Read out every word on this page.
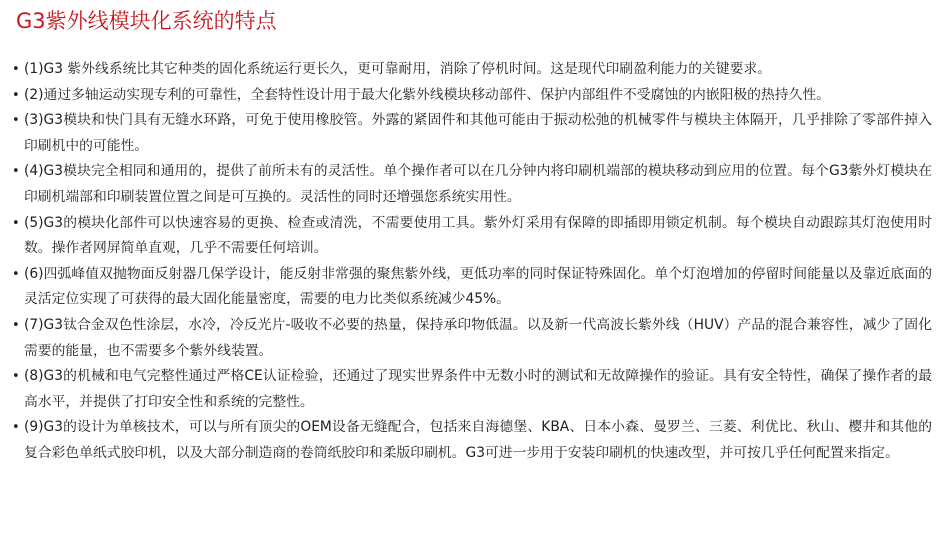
G3紫外线模块化系统的特点
• (1)G3 紫外线系统比其它种类的固化系统运行更长久，更可靠耐用，消除了停机时间。这是现代印刷盈利能力的关键要求。
• (2)通过多轴运动实现专利的可靠性，全套特性设计用于最大化紫外线模块移动部件、保护内部组件不受腐蚀的内嵌阳极的热持久性。
• (3)G3模块和快门具有无缝水环路，可免于使用橡胶管。外露的紧固件和其他可能由于振动松弛的机械零件与模块主体隔开，几乎排除了零部件掉入印刷机中的可能性。
• (4)G3模块完全相同和通用的，提供了前所未有的灵活性。单个操作者可以在几分钟内将印刷机端部的模块移动到应用的位置。每个G3紫外灯模块在印刷机端部和印刷装置位置之间是可互换的。灵活性的同时还增强您系统实用性。
• (5)G3的模块化部件可以快速容易的更换、检查或清洗，不需要使用工具。紫外灯采用有保障的即插即用锁定机制。每个模块自动跟踪其灯泡使用时数。操作者网屏简单直观，几乎不需要任何培训。
• (6)四弧峰值双抛物面反射器几保学设计，能反射非常强的聚焦紫外线，更低功率的同时保证特殊固化。单个灯泡增加的停留时间能量以及靠近底面的灵活定位实现了可获得的最大固化能量密度，需要的电力比类似系统减少45%。
• (7)G3钛合金双色性涂层，水冷，冷反光片-吸收不必要的热量，保持承印物低温。以及新一代高波长紫外线（HUV）产品的混合兼容性，减少了固化需要的能量，也不需要多个紫外线装置。
• (8)G3的机械和电气完整性通过严格CE认证检验，还通过了现实世界条件中无数小时的测试和无故障操作的验证。具有安全特性，确保了操作者的最高水平，并提供了打印安全性和系统的完整性。
• (9)G3的设计为单核技术，可以与所有顶尖的OEM设备无缝配合，包括来自海德堡、KBA、日本小森、曼罗兰、三菱、利优比、秋山、樱井和其他的复合彩色单纸式胶印机，以及大部分制造商的卷筒纸胶印和柔版印刷机。G3可进一步用于安装印刷机的快速改型，并可按几乎任何配置来指定。
